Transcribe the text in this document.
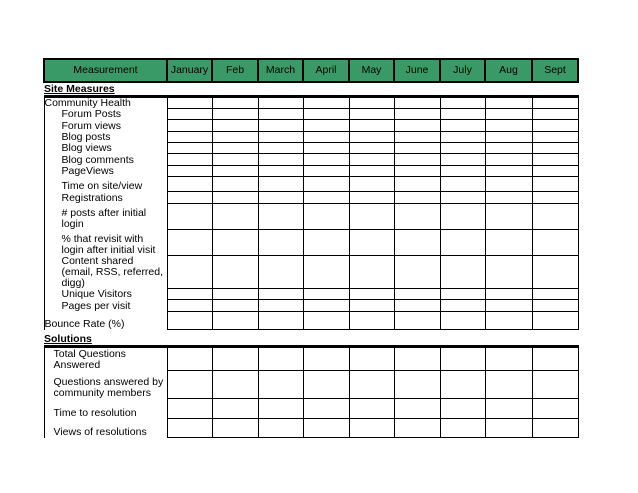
Measurement	January	Feb	March	April	May	June	July	Aug	Sept
Site Measures									
Community Health									
Forum Posts									
Forum views									
Blog posts									
Blog views									
Blog comments									
PageViews									
Time on site/view									
Registrations									
# posts after initial login									
% that revisit with login after initial visit									
Content shared (email, RSS, referred, digg)									
Unique Visitors									
Pages per visit									
Bounce Rate (%)									
Solutions									
Total Questions Answered									
Questions answered by community members									
Time to resolution									
Views of resolutions									
